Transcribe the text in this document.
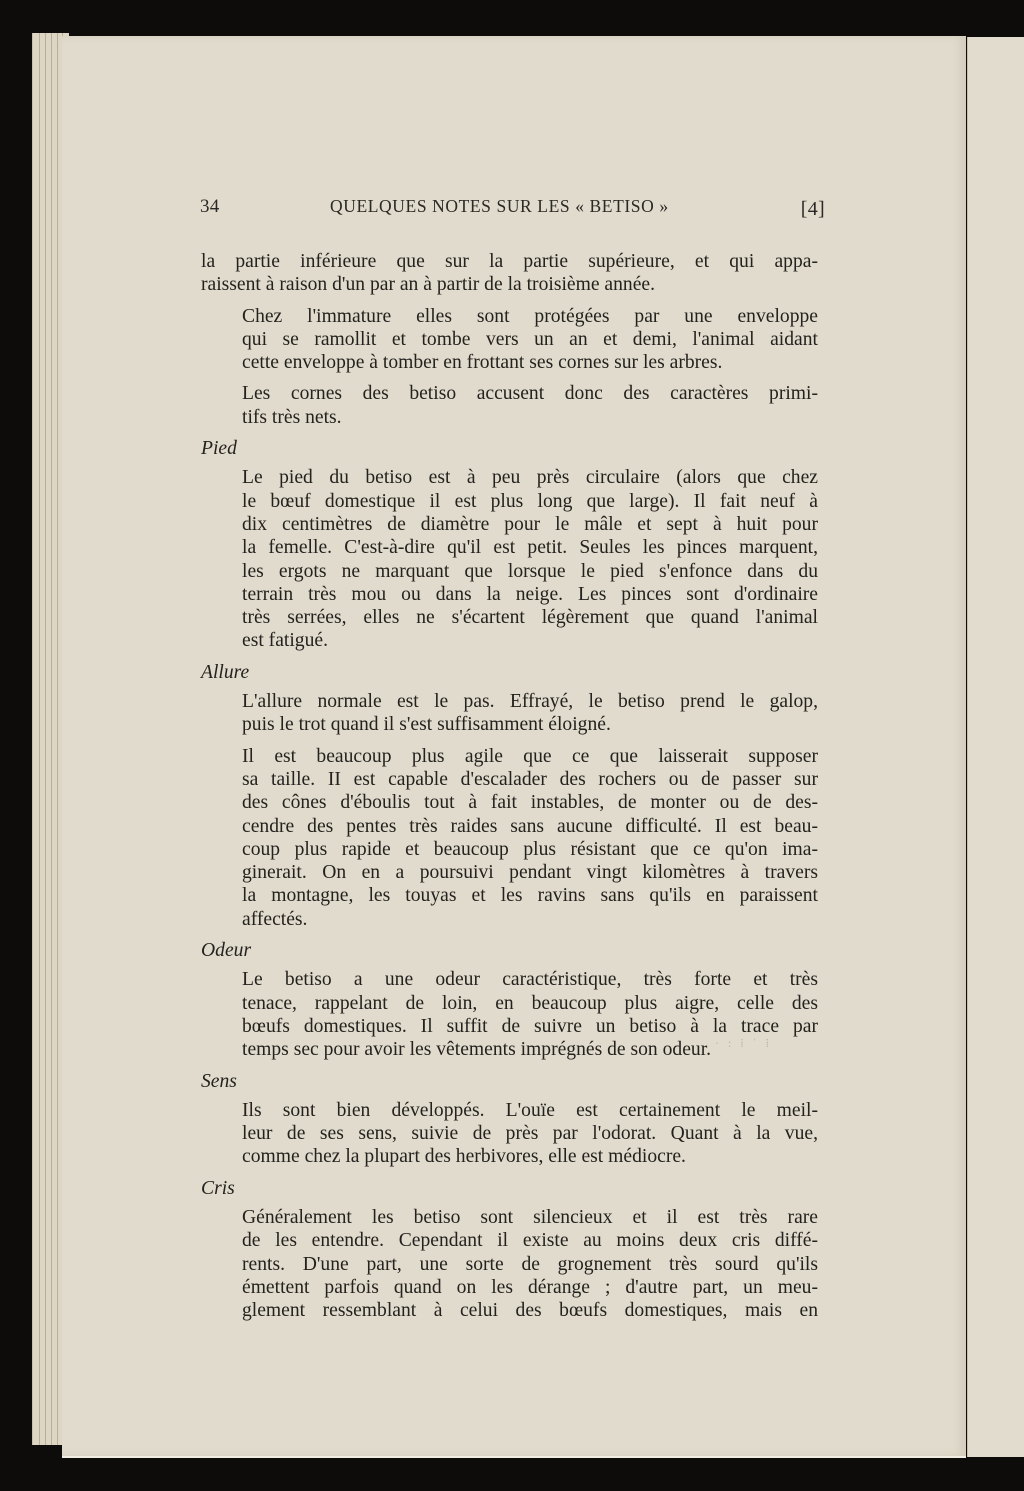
34	QUELQUES NOTES SUR LES « BETISO »	[4]

la partie inférieure que sur la partie supérieure, et qui appa-
raissent à raison d'un par an à partir de la troisième année.

Chez l'immature elles sont protégées par une enveloppe
qui se ramollit et tombe vers un an et demi, l'animal aidant
cette enveloppe à tomber en frottant ses cornes sur les arbres.

Les cornes des betiso accusent donc des caractères primi-
tifs très nets.

Pied

Le pied du betiso est à peu près circulaire (alors que chez
le bœuf domestique il est plus long que large). Il fait neuf à
dix centimètres de diamètre pour le mâle et sept à huit pour
la femelle. C'est-à-dire qu'il est petit. Seules les pinces marquent,
les ergots ne marquant que lorsque le pied s'enfonce dans du
terrain très mou ou dans la neige. Les pinces sont d'ordinaire
très serrées, elles ne s'écartent légèrement que quand l'animal
est fatigué.

Allure

L'allure normale est le pas. Effrayé, le betiso prend le galop,
puis le trot quand il s'est suffisamment éloigné.

Il est beaucoup plus agile que ce que laisserait supposer
sa taille. II est capable d'escalader des rochers ou de passer sur
des cônes d'éboulis tout à fait instables, de monter ou de des-
cendre des pentes très raides sans aucune difficulté. Il est beau-
coup plus rapide et beaucoup plus résistant que ce qu'on ima-
ginerait. On en a poursuivi pendant vingt kilomètres à travers
la montagne, les touyas et les ravins sans qu'ils en paraissent
affectés.

Odeur

Le betiso a une odeur caractéristique, très forte et très
tenace, rappelant de loin, en beaucoup plus aigre, celle des
bœufs domestiques. Il suffit de suivre un betiso à la trace par
temps sec pour avoir les vêtements imprégnés de son odeur.

Sens

Ils sont bien développés. L'ouïe est certainement le meil-
leur de ses sens, suivie de près par l'odorat. Quant à la vue,
comme chez la plupart des herbivores, elle est médiocre.

Cris

Généralement les betiso sont silencieux et il est très rare
de les entendre. Cependant il existe au moins deux cris diffé-
rents. D'une part, une sorte de grognement très sourd qu'ils
émettent parfois quand on les dérange ; d'autre part, un meu-
glement ressemblant à celui des bœufs domestiques, mais en

· : ⁞ ˈ ⁞
